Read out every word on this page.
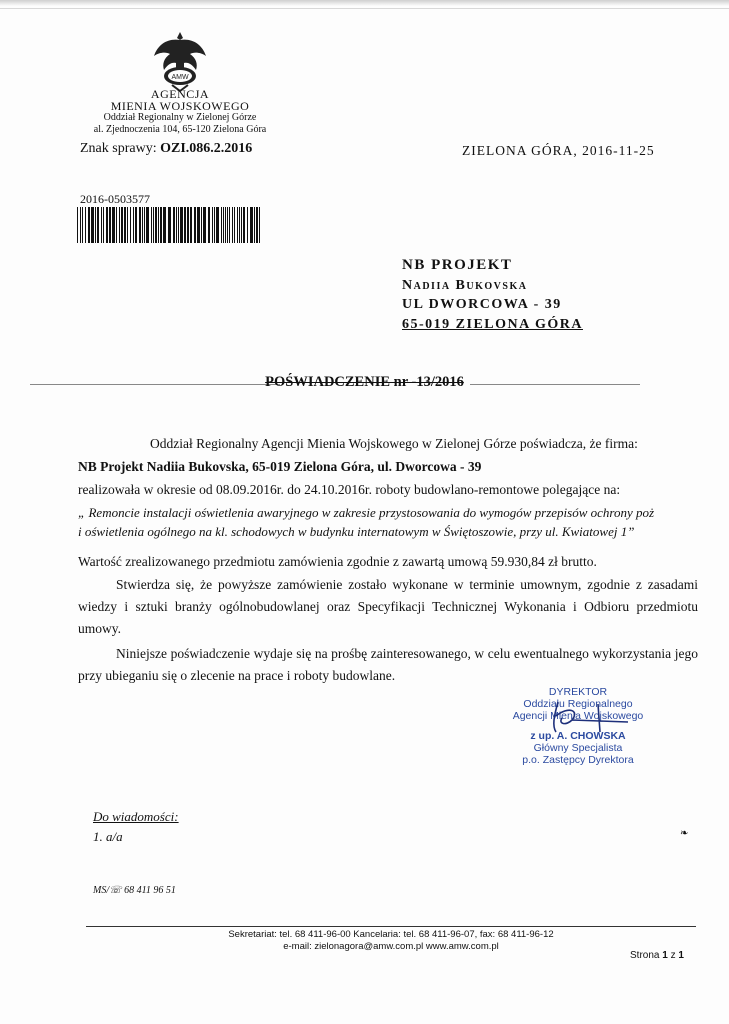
AMW
AGENCJA
MIENIA WOJSKOWEGO
Oddział Regionalny w Zielonej Górze
al. Zjednoczenia 104, 65-120 Zielona Góra
Znak sprawy: OZI.086.2.2016	ZIELONA GÓRA, 2016-11-25
2016-0503577
NB PROJEKT
Nadiia Bukovska
UL DWORCOWA - 39
65-019 ZIELONA GÓRA
POŚWIADCZENIE nr -13/2016
Oddział Regionalny Agencji Mienia Wojskowego w Zielonej Górze poświadcza, że firma:
NB Projekt Nadiia Bukovska, 65-019 Zielona Góra, ul. Dworcowa - 39
realizowała w okresie od 08.09.2016r. do 24.10.2016r. roboty budowlano-remontowe polegające na:
„ Remoncie instalacji oświetlenia awaryjnego w zakresie przystosowania do wymogów przepisów ochrony poż
i oświetlenia ogólnego na kl. schodowych w budynku internatowym w Świętoszowie, przy ul. Kwiatowej 1”
Wartość zrealizowanego przedmiotu zamówienia zgodnie z zawartą umową 59.930,84 zł brutto.
Stwierdza się, że powyższe zamówienie zostało wykonane w terminie umownym, zgodnie z zasadami wiedzy i sztuki branży ogólnobudowlanej oraz Specyfikacji Technicznej Wykonania i Odbioru przedmiotu umowy.
Niniejsze poświadczenie wydaje się na prośbę zainteresowanego, w celu ewentualnego wykorzystania jego przy ubieganiu się o zlecenie na prace i roboty budowlane.
DYREKTOR
Oddziału Regionalnego
Agencji Mienia Wojskowego
z up. A. CHOWSKA
Główny Specjalista
p.o. Zastępcy Dyrektora
Do wiadomości:
1. a/a	❧
MS/☏ 68 411 96 51
Sekretariat: tel. 68 411-96-00 Kancelaria: tel. 68 411-96-07, fax: 68 411-96-12
e-mail: zielonagora@amw.com.pl www.amw.com.pl
Strona 1 z 1
